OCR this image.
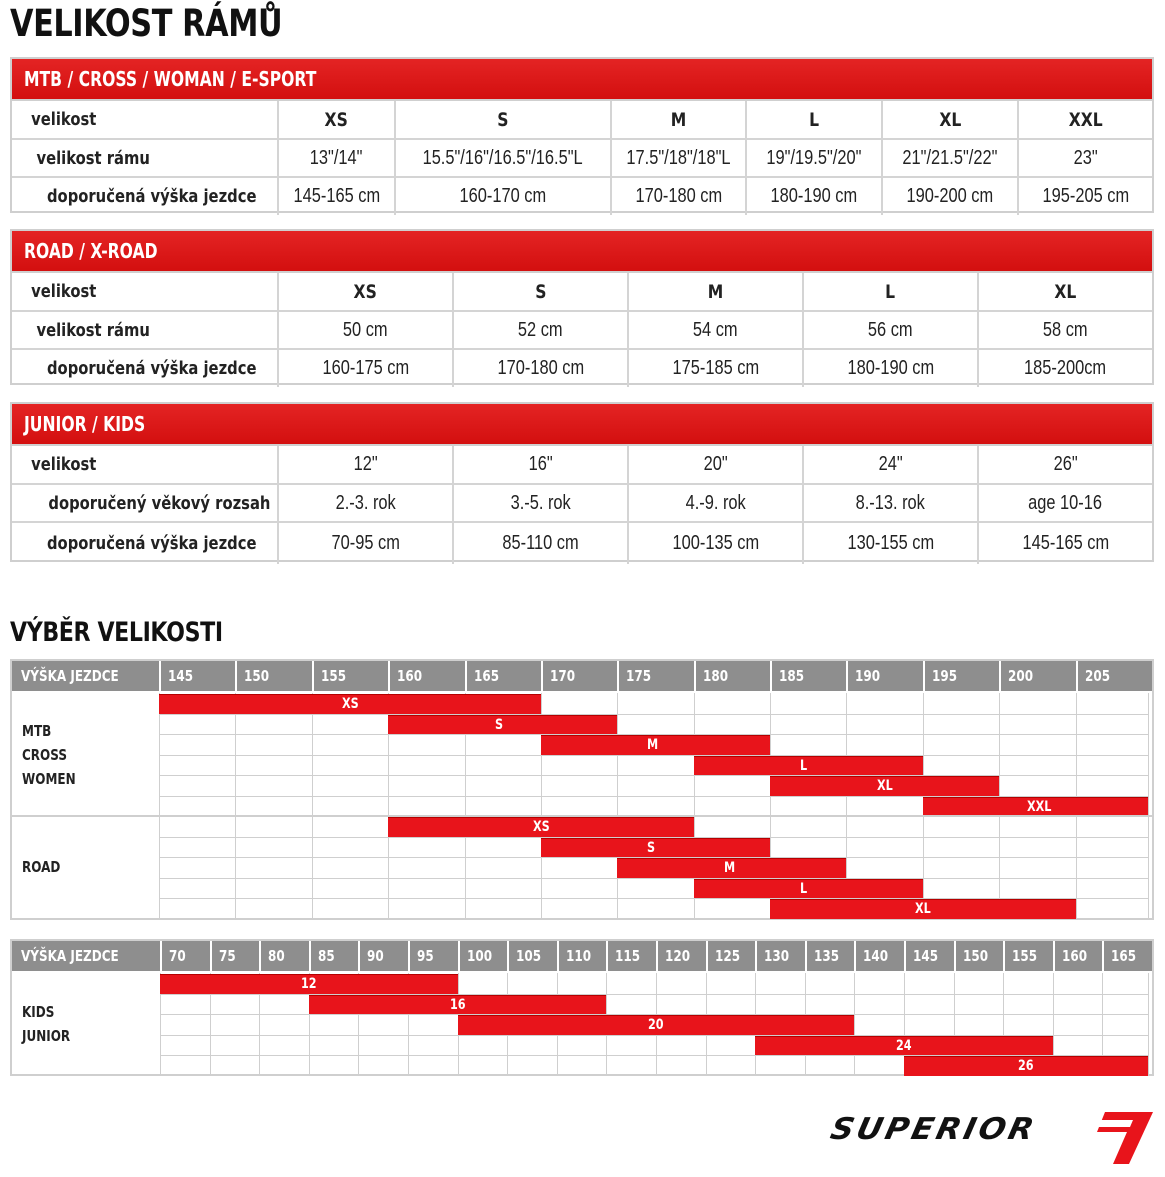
VELIKOST RÁMŮ
MTB / CROSS / WOMAN / E-SPORT
velikost	XS	S	M	L	XL	XXL
velikost rámu	13"/14"	15.5"/16"/16.5"/16.5"L	17.5"/18"/18"L	19"/19.5"/20"	21"/21.5"/22"	23"
doporučená výška jezdce	145-165 cm	160-170 cm	170-180 cm	180-190 cm	190-200 cm	195-205 cm
ROAD / X-ROAD
velikost	XS	S	M	L	XL
velikost rámu	50 cm	52 cm	54 cm	56 cm	58 cm
doporučená výška jezdce	160-175 cm	170-180 cm	175-185 cm	180-190 cm	185-200cm
JUNIOR / KIDS
velikost	12"	16"	20"	24"	26"
doporučený věkový rozsah	2.-3. rok	3.-5. rok	4.-9. rok	8.-13. rok	age 10-16
doporučená výška jezdce	70-95 cm	85-110 cm	100-135 cm	130-155 cm	145-165 cm
VÝBĚR VELIKOSTI
VÝŠKA JEZDCE	145	150	155	160	165	170	175	180	185	190	195	200	205
MTB
CROSS
WOMEN
XS
S
M
L
XL
XXL
ROAD
XS
S
M
L
XL
VÝŠKA JEZDCE	70	75	80	85	90	95	100	105	110	115	120	125	130	135	140	145	150	155	160	165
KIDS
JUNIOR
12
16
20
24
26
SUPERIOR
